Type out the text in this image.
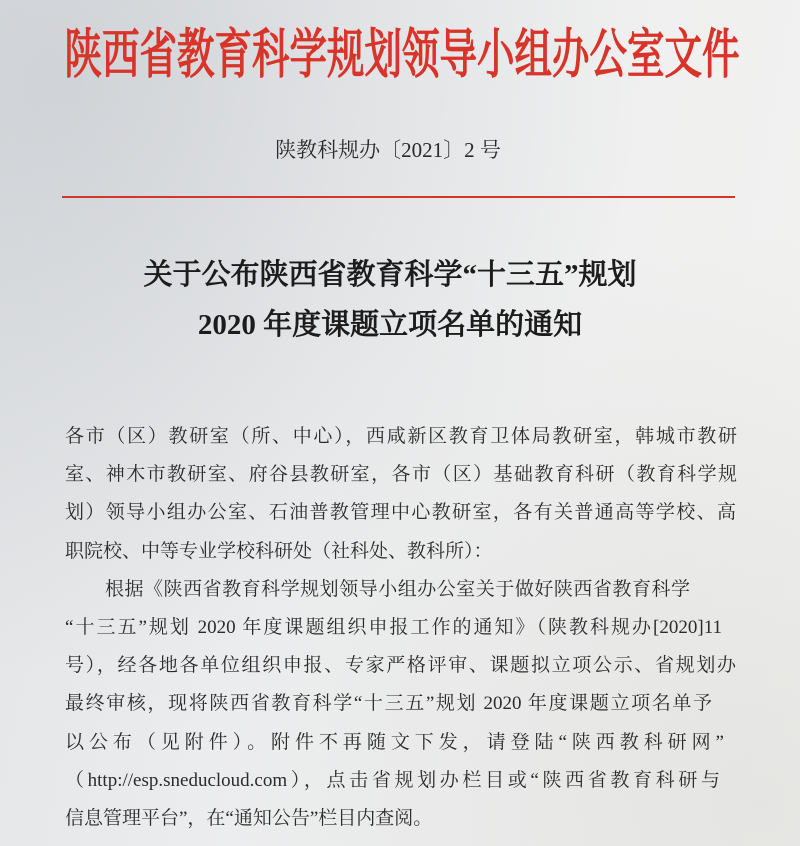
陕西省教育科学规划领导小组办公室文件
陕教科规办〔2021〕2 号
关于公布陕西省教育科学“十三五”规划
2020 年度课题立项名单的通知
各市（区）教研室（所、中心），西咸新区教育卫体局教研室，韩城市教研
室、神木市教研室、府谷县教研室，各市（区）基础教育科研（教育科学规
划）领导小组办公室、石油普教管理中心教研室，各有关普通高等学校、高
职院校、中等专业学校科研处（社科处、教科所）：
根据《陕西省教育科学规划领导小组办公室关于做好陕西省教育科学
“十三五”规划 2020 年度课题组织申报工作的通知》（陕教科规办[2020]11
号），经各地各单位组织申报、专家严格评审、课题拟立项公示、省规划办
最终审核，现将陕西省教育科学“十三五”规划 2020 年度课题立项名单予
以公布（见附件）。附件不再随文下发，请登陆“陕西教科研网”
（http://esp.sneducloud.com），点击省规划办栏目或“陕西省教育科研与
信息管理平台”，在“通知公告”栏目内查阅。
